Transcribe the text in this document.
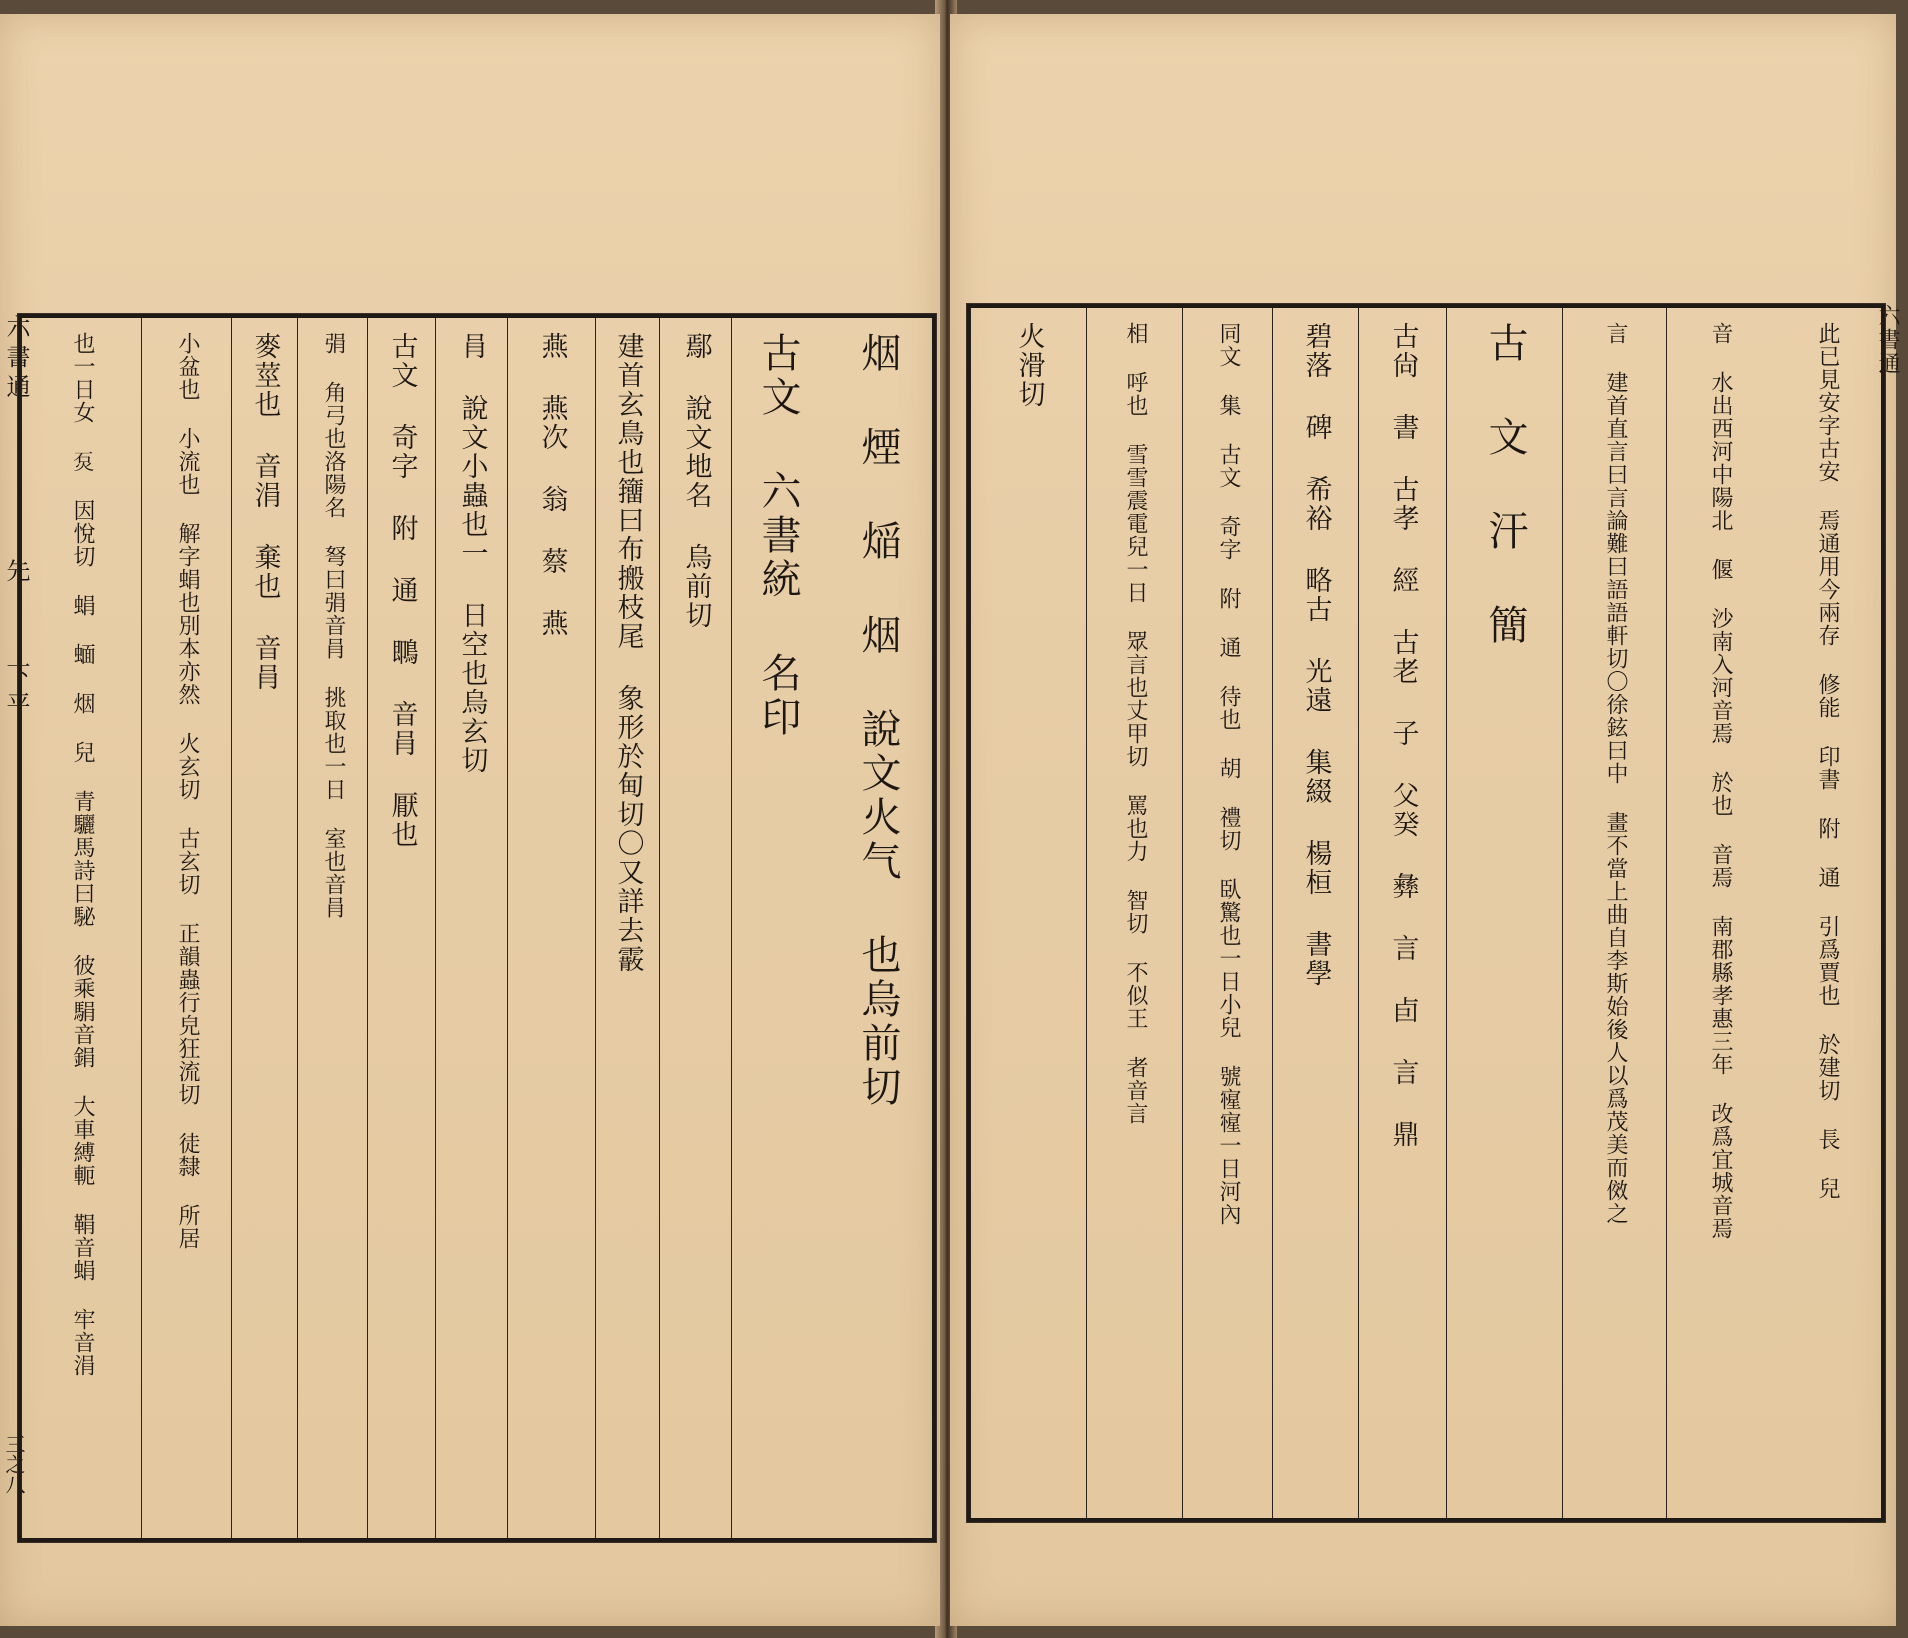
六書通 先 下平
三之八
烟 煙 㷔 烟 說文火气 也烏前切
古文 六書統 名印
鄢 說文地名 烏前切
建首玄鳥也籒曰布搬枝尾 象形於甸切〇又詳去霰
燕 燕次 翁 蔡 燕
肙 說文小蟲也一 日空也烏玄切
古文 奇字 附 通 䳭 音肙 厭也
弲 角弓也洛陽名 弩曰弲音肙 挑取也一日 室也音肙
麥莖也 音涓 棄也 音肙
小盆也 小流也 解字蜎也別本亦然 火玄切 古玄切 正韻蟲行皃狂流切 徒隸 所居
也一日女 𤇈 因悅切 蜎 蝒 烟 兒 青驪馬詩曰駜 彼乘駽音鋗 大車縛軛 鞙音蜎 牢音涓	六書通
此已見安字古安 焉通用今兩存 修能 印書 附 通 引爲賈也 於建切 長 兒
音 水出西河中陽北 偃 沙南入河音焉 於也 音焉 南郡縣孝惠三年 改爲宜城音焉
言 建首直言曰言論難曰語語軒切〇徐鉉曰中 畫不當上曲自李斯始後人以爲茂美而傚之
古 文 汗 簡
古尙 書 古孝 經 古老 子 父癸 彝 言 卣 言 鼎
碧落 碑 希裕 略古 光遠 集綴 楊桓 書學
同文 集 古文 奇字 附 通 待也 胡 禮切 臥驚也一日小兒 號㝭㝭一日河內
相 呼也 雪雪震電兒一日 眾言也丈甲切 罵也力 智切 不似王 者音言
火滑切
